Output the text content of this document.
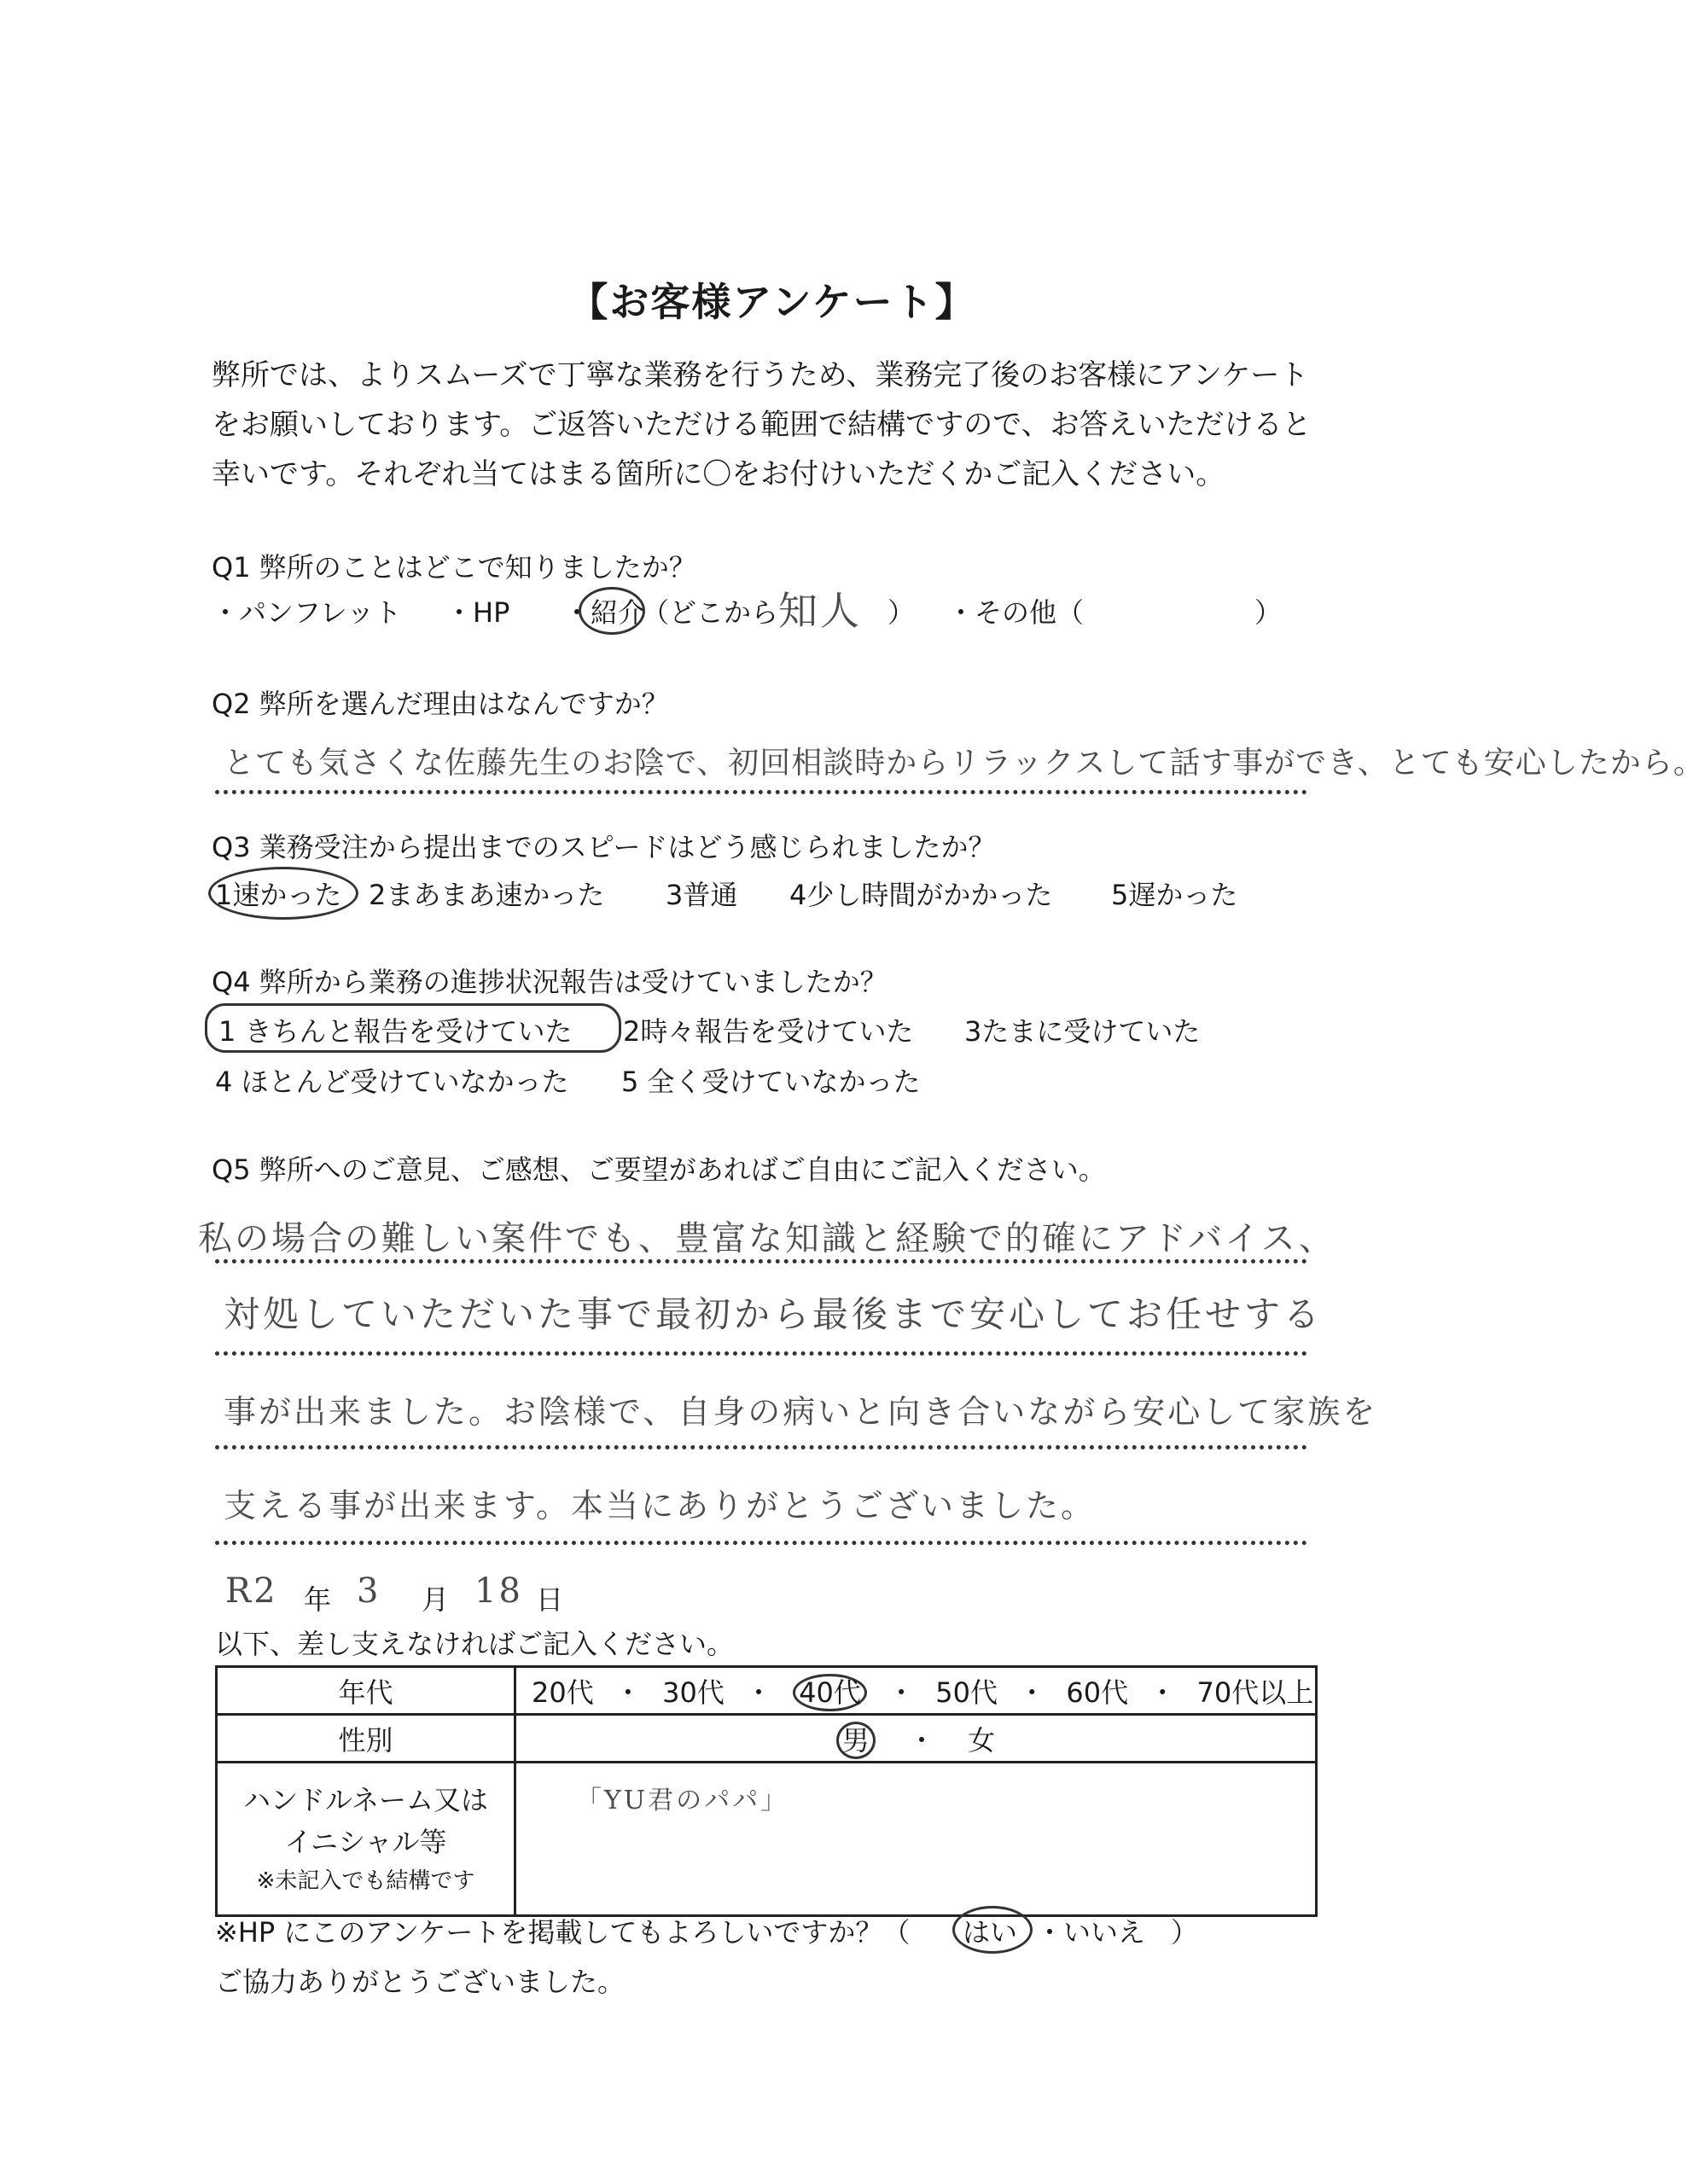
【お客様アンケート】
弊所では、よりスムーズで丁寧な業務を行うため、業務完了後のお客様にアンケート
をお願いしております。ご返答いただける範囲で結構ですので、お答えいただけると
幸いです。それぞれ当てはまる箇所に〇をお付けいただくかご記入ください。
Q1 弊所のことはどこで知りましたか？
・パンフレット ・HP ・紹介
（どこから 知人 ） ・その他（	）
Q2 弊所を選んだ理由はなんですか？
とても気さくな佐藤先生のお陰で、初回相談時からリラックスして話す事ができ、とても安心したから。
Q3 業務受注から提出までのスピードはどう感じられましたか？
1速かった 2まあまあ速かった 3普通 4少し時間がかかった 5遅かった
Q4 弊所から業務の進捗状況報告は受けていましたか？
1 きちんと報告を受けていた 2時々報告を受けていた 3たまに受けていた
4 ほとんど受けていなかった 5 全く受けていなかった
Q5 弊所へのご意見、ご感想、ご要望があればご自由にご記入ください。
私の場合の難しい案件でも、豊富な知識と経験で的確にアドバイス、
対処していただいた事で最初から最後まで安心してお任せする
事が出来ました。お陰様で、自身の病いと向き合いながら安心して家族を
支える事が出来ます。本当にありがとうございました。
R2 年 3 月 18 日
以下、差し支えなければご記入ください。
年代	20代 ・ 30代 ・ 40代 ・ 50代 ・ 60代 ・ 70代以上
性別	男 ・ 女

ハンドルネーム又は
イニシャル等
※未記入でも結構です	「YU君のパパ」
※HP にこのアンケートを掲載してもよろしいですか？（ はい ・いいえ ）
ご協力ありがとうございました。
